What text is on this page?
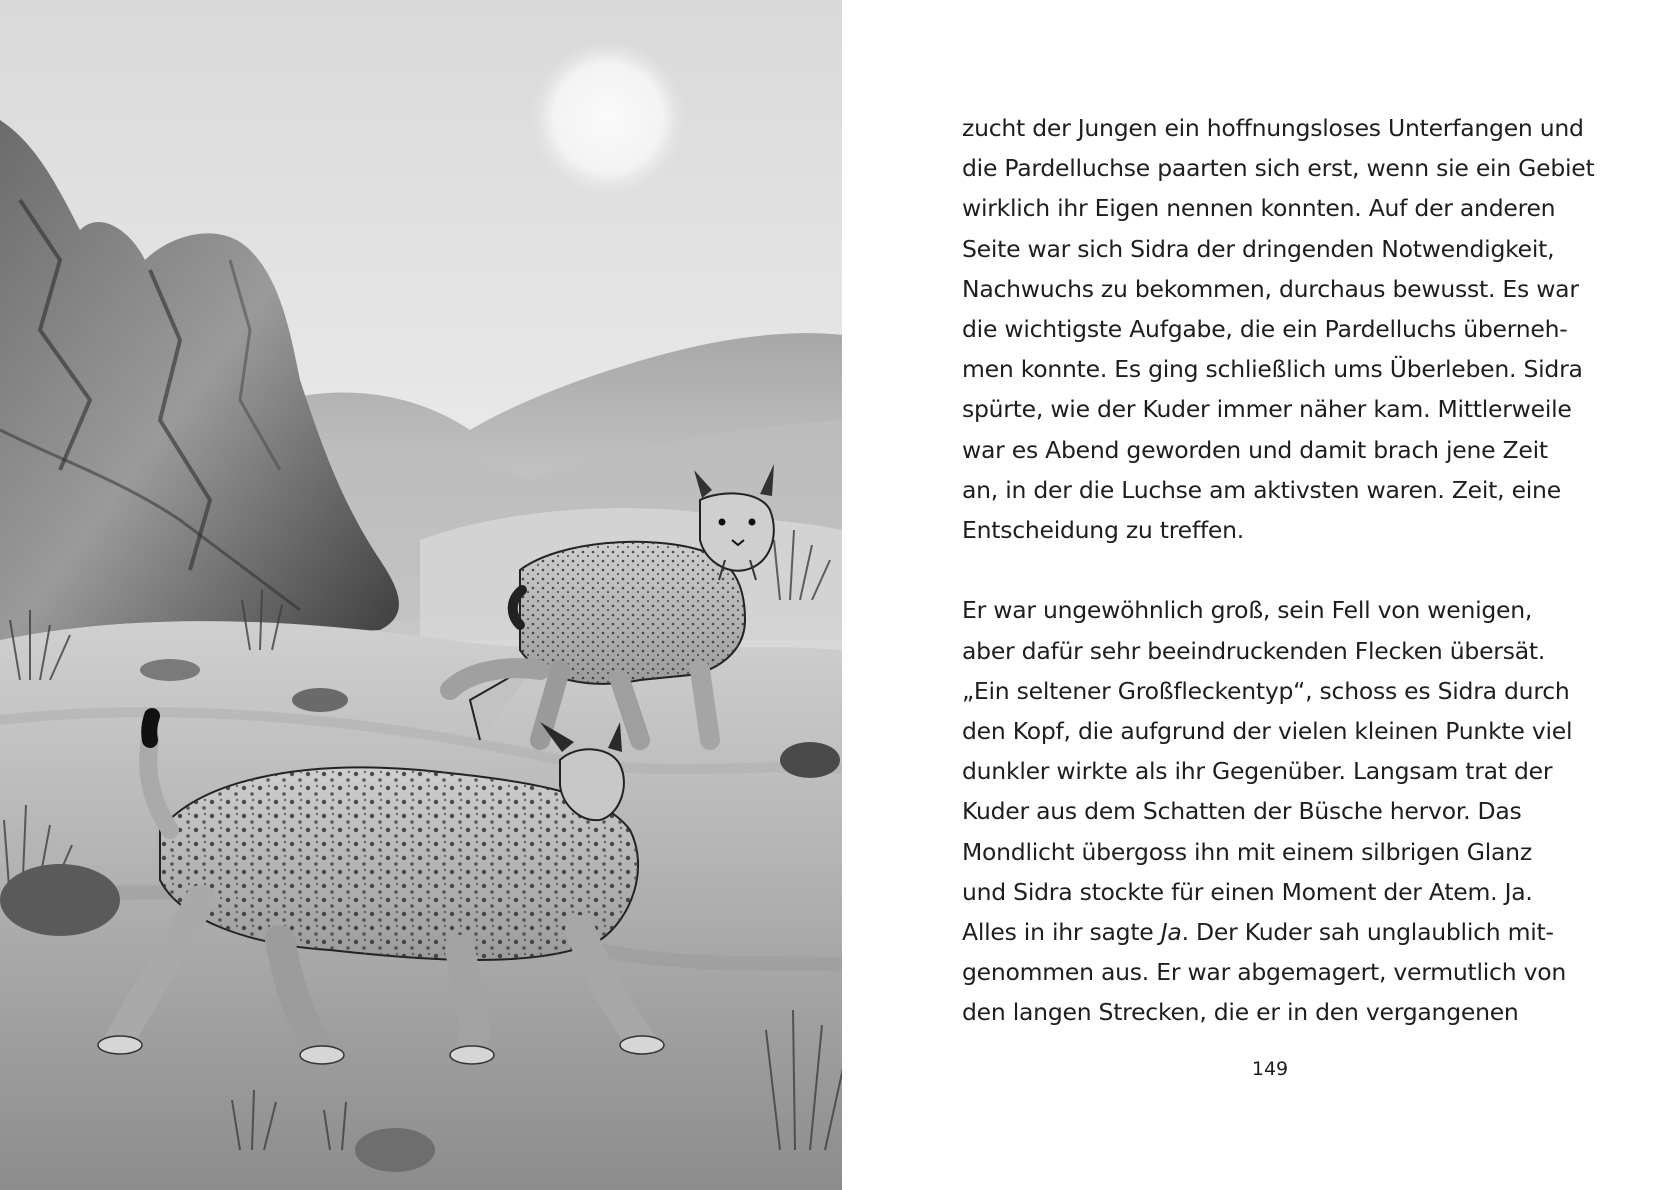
zucht der Jungen ein hoffnungsloses Unterfangen und
die Pardelluchse paarten sich erst, wenn sie ein Gebiet
wirklich ihr Eigen nennen konnten. Auf der anderen
Seite war sich Sidra der dringenden Notwendigkeit,
Nachwuchs zu bekommen, durchaus bewusst. Es war
die wichtigste Aufgabe, die ein Pardelluchs überneh-
men konnte. Es ging schließlich ums Überleben. Sidra
spürte, wie der Kuder immer näher kam. Mittlerweile
war es Abend geworden und damit brach jene Zeit
an, in der die Luchse am aktivsten waren. Zeit, eine
Entscheidung zu treffen.
Er war ungewöhnlich groß, sein Fell von wenigen,
aber dafür sehr beeindruckenden Flecken übersät.
„Ein seltener Großfleckentyp“, schoss es Sidra durch
den Kopf, die aufgrund der vielen kleinen Punkte viel
dunkler wirkte als ihr Gegenüber. Langsam trat der
Kuder aus dem Schatten der Büsche hervor. Das
Mondlicht übergoss ihn mit einem silbrigen Glanz
und Sidra stockte für einen Moment der Atem. Ja.
Alles in ihr sagte Ja. Der Kuder sah unglaublich mit-
genommen aus. Er war abgemagert, vermutlich von
den langen Strecken, die er in den vergangenen
149
